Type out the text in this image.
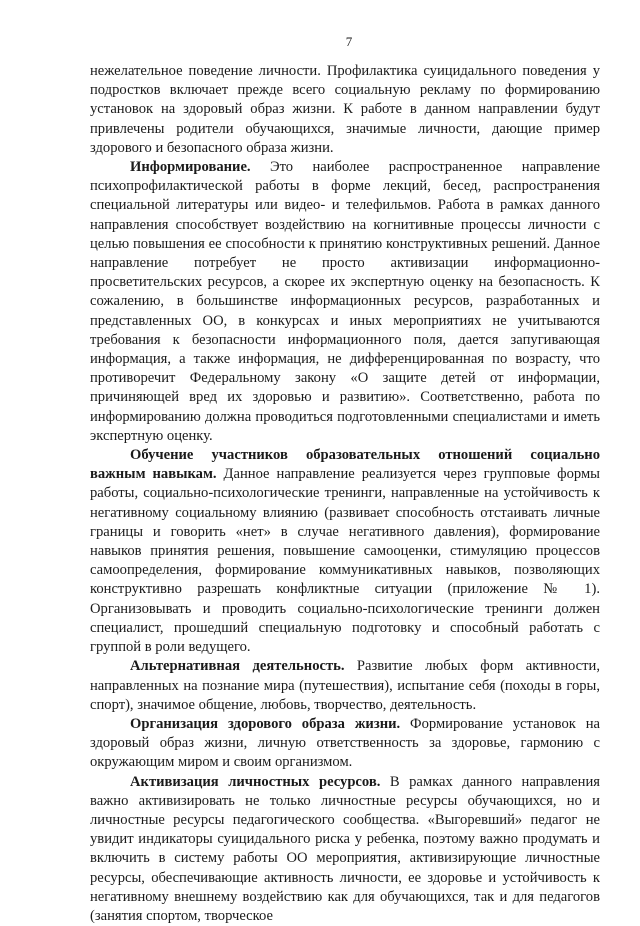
7

нежелательное поведение личности. Профилактика суицидального поведения у подростков включает прежде всего социальную рекламу по формированию установок на здоровый образ жизни. К работе в данном направлении будут привлечены родители обучающихся, значимые личности, дающие пример здорового и безопасного образа жизни.

Информирование. Это наиболее распространенное направление психопрофилактической работы в форме лекций, бесед, распространения специальной литературы или видео- и телефильмов. Работа в рамках данного направления способствует воздействию на когнитивные процессы личности с целью повышения ее способности к принятию конструктивных решений. Данное направление потребует не просто активизации информационно-просветительских ресурсов, а скорее их экспертную оценку на безопасность. К сожалению, в большинстве информационных ресурсов, разработанных и представленных ОО, в конкурсах и иных мероприятиях не учитываются требования к безопасности информационного поля, дается запугивающая информация, а также информация, не дифференцированная по возрасту, что противоречит Федеральному закону «О защите детей от информации, причиняющей вред их здоровью и развитию». Соответственно, работа по информированию должна проводиться подготовленными специалистами и иметь экспертную оценку.

Обучение участников образовательных отношений социально важным навыкам. Данное направление реализуется через групповые формы работы, социально-психологические тренинги, направленные на устойчивость к негативному социальному влиянию (развивает способность отстаивать личные границы и говорить «нет» в случае негативного давления), формирование навыков принятия решения, повышение самооценки, стимуляцию процессов самоопределения, формирование коммуникативных навыков, позволяющих конструктивно разрешать конфликтные ситуации (приложение № 1). Организовывать и проводить социально-психологические тренинги должен специалист, прошедший специальную подготовку и способный работать с группой в роли ведущего.

Альтернативная деятельность. Развитие любых форм активности, направленных на познание мира (путешествия), испытание себя (походы в горы, спорт), значимое общение, любовь, творчество, деятельность.

Организация здорового образа жизни. Формирование установок на здоровый образ жизни, личную ответственность за здоровье, гармонию с окружающим миром и своим организмом.

Активизация личностных ресурсов. В рамках данного направления важно активизировать не только личностные ресурсы обучающихся, но и личностные ресурсы педагогического сообщества. «Выгоревший» педагог не увидит индикаторы суицидального риска у ребенка, поэтому важно продумать и включить в систему работы ОО мероприятия, активизирующие личностные ресурсы, обеспечивающие активность личности, ее здоровье и устойчивость к негативному внешнему воздействию как для обучающихся, так и для педагогов (занятия спортом, творческое
